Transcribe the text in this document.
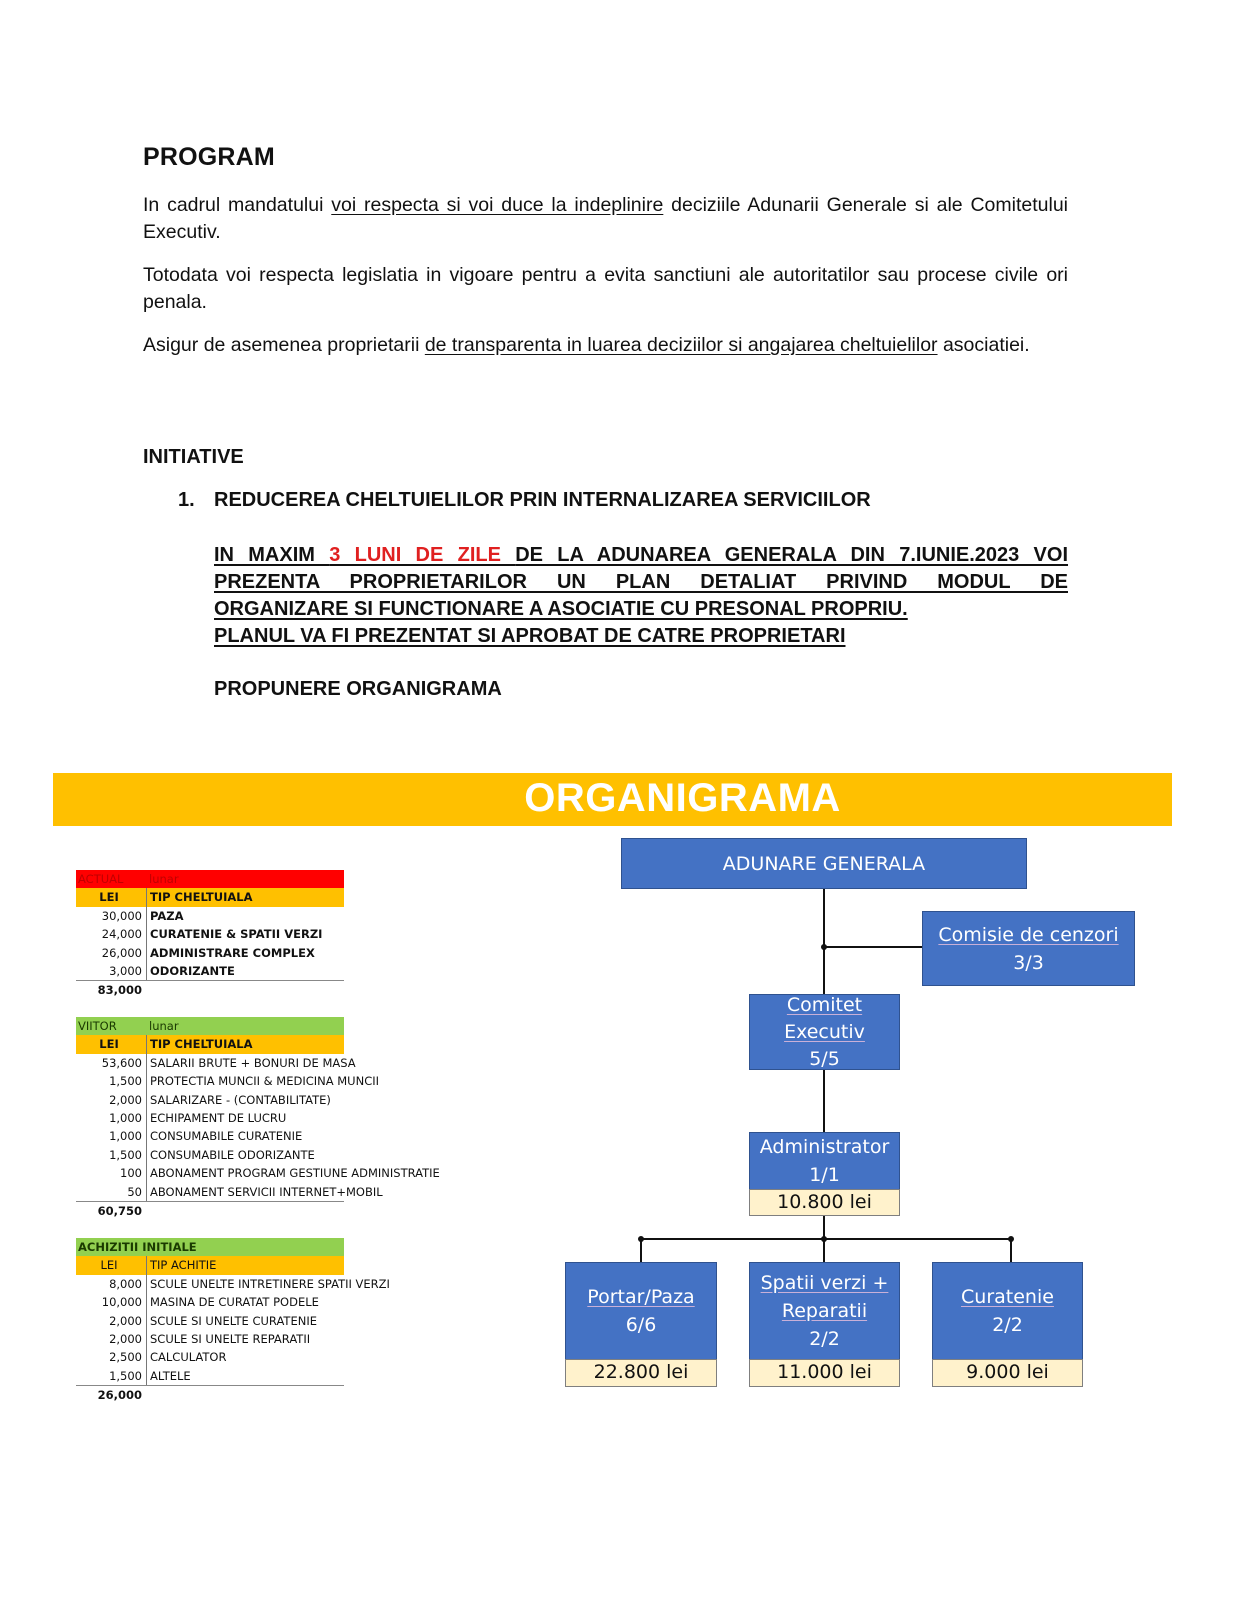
PROGRAM

In cadrul mandatului voi respecta si voi duce la indeplinire deciziile Adunarii Generale si ale Comitetului Executiv.

Totodata voi respecta legislatia in vigoare pentru a evita sanctiuni ale autoritatilor sau procese civile ori penala.

Asigur de asemenea proprietarii de transparenta in luarea deciziilor si angajarea cheltuielilor asociatiei.

INITIATIVE
1. REDUCEREA CHELTUIELILOR PRIN INTERNALIZAREA SERVICIILOR
IN MAXIM 3 LUNI DE ZILE DE LA ADUNAREA GENERALA DIN 7.IUNIE.2023 VOI
PREZENTA PROPRIETARILOR UN PLAN DETALIAT PRIVIND MODUL DE
ORGANIZARE SI FUNCTIONARE A ASOCIATIE CU PRESONAL PROPRIU.
PLANUL VA FI PREZENTAT SI APROBAT DE CATRE PROPRIETARI
PROPUNERE ORGANIGRAMA
ORGANIGRAMA
ACTUAL	lunar
LEI	TIP CHELTUIALA
30,000 PAZA
24,000 CURATENIE & SPATII VERZI
26,000 ADMINISTRARE COMPLEX
3,000 ODORIZANTE
83,000
VIITOR	lunar
LEI	TIP CHELTUIALA
53,600 SALARII BRUTE + BONURI DE MASA
1,500 PROTECTIA MUNCII & MEDICINA MUNCII
2,000 SALARIZARE - (CONTABILITATE)
1,000 ECHIPAMENT DE LUCRU
1,000 CONSUMABILE CURATENIE
1,500 CONSUMABILE ODORIZANTE
100 ABONAMENT PROGRAM GESTIUNE ADMINISTRATIE
50 ABONAMENT SERVICII INTERNET+MOBIL
60,750
ACHIZITII INITIALE
LEI	TIP ACHITIE
8,000 SCULE UNELTE INTRETINERE SPATII VERZI
10,000 MASINA DE CURATAT PODELE
2,000 SCULE SI UNELTE CURATENIE
2,000 SCULE SI UNELTE REPARATII
2,500 CALCULATOR
1,500 ALTELE
26,000
ADUNARE GENERALA
Comisie de cenzori
3/3
Comitet
Executiv
5/5
Administrator
1/1
10.800 lei
Portar/Paza
6/6
22.800 lei
Spatii verzi +
Reparatii
2/2
11.000 lei
Curatenie
2/2
9.000 lei
